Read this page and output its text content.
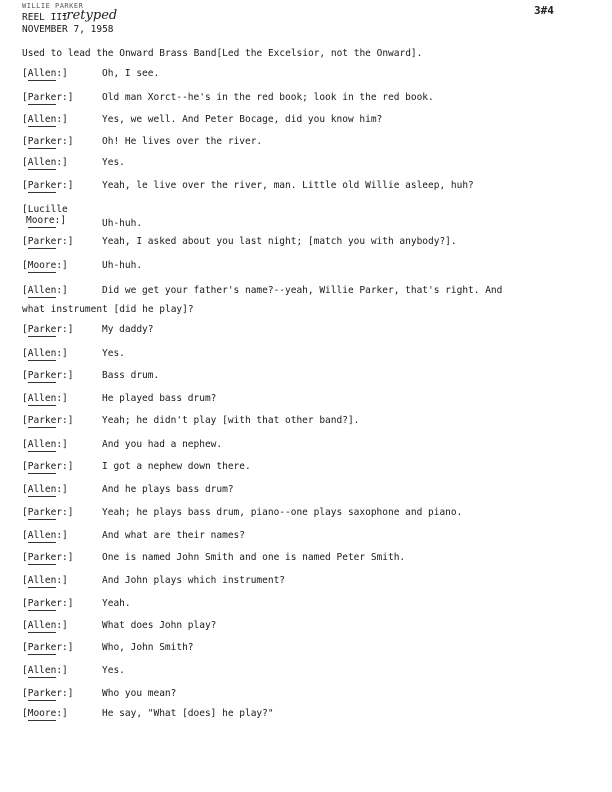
WILLIE PARKER
REEL III
-retyped
NOVEMBER 7, 1958
3#4
Used to lead the Onward Brass Band[Led the Excelsior, not the Onward].
[Allen:]	Oh, I see.
[Parker:]	Old man Xorct--he's in the red book; look in the red book.
[Allen:]	Yes, we well. And Peter Bocage, did you know him?
[Parker:]	Oh! He lives over the river.
[Allen:]	Yes.
[Parker:]	Yeah, le live over the river, man. Little old Willie asleep, huh?
[Lucille
Moore:]	Uh-huh.
[Parker:]	Yeah, I asked about you last night; [match you with anybody?].
[Moore:]	Uh-huh.
[Allen:]	Did we get your father's name?--yeah, Willie Parker, that's right. And
what instrument [did he play]?
[Parker:]	My daddy?
[Allen:]	Yes.
[Parker:]	Bass drum.
[Allen:]	He played bass drum?
[Parker:]	Yeah; he didn't play [with that other band?].
[Allen:]	And you had a nephew.
[Parker:]	I got a nephew down there.
[Allen:]	And he plays bass drum?
[Parker:]	Yeah; he plays bass drum, piano--one plays saxophone and piano.
[Allen:]	And what are their names?
[Parker:]	One is named John Smith and one is named Peter Smith.
[Allen:]	And John plays which instrument?
[Parker:]	Yeah.
[Allen:]	What does John play?
[Parker:]	Who, John Smith?
[Allen:]	Yes.
[Parker:]	Who you mean?
[Moore:]	He say, "What [does] he play?"
